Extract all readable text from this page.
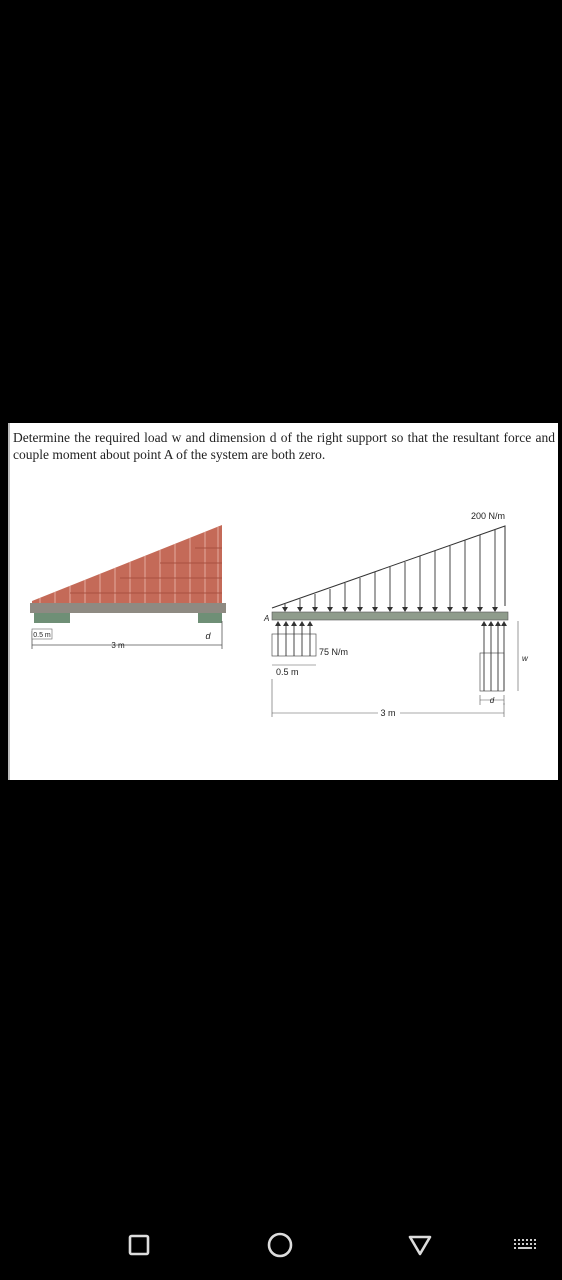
Determine the required load w and dimension d of the right support so that the resultant force and couple moment about point A of the system are both zero.
3 m
0.5 m	d
200 N/m
A
75 N/m
0.5 m
w
d
3 m
